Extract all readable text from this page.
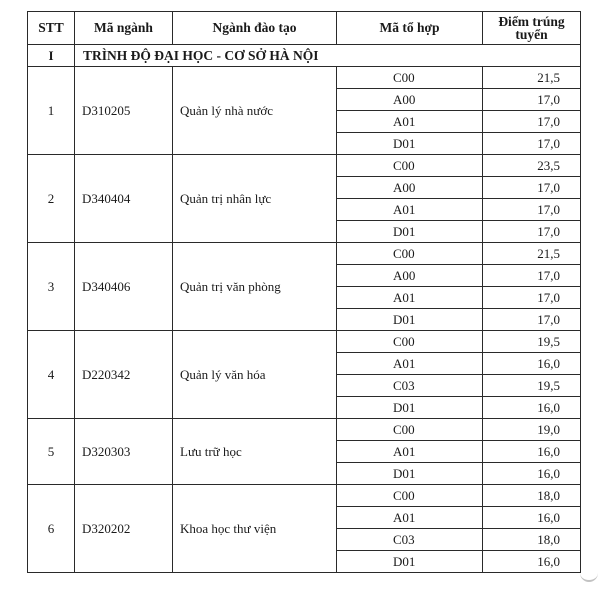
STT	Mã ngành	Ngành đào tạo	Mã tổ hợp	Điểm trúng tuyển
I	TRÌNH ĐỘ ĐẠI HỌC - CƠ SỞ HÀ NỘI			
1	D310205	Quản lý nhà nước	C00	21,5
			A00	17,0
			A01	17,0
			D01	17,0
2	D340404	Quản trị nhân lực	C00	23,5
			A00	17,0
			A01	17,0
			D01	17,0
3	D340406	Quản trị văn phòng	C00	21,5
			A00	17,0
			A01	17,0
			D01	17,0
4	D220342	Quản lý văn hóa	C00	19,5
			A01	16,0
			C03	19,5
			D01	16,0
5	D320303	Lưu trữ học	C00	19,0
			A01	16,0
			D01	16,0
6	D320202	Khoa học thư viện	C00	18,0
			A01	16,0
			C03	18,0
			D01	16,0
